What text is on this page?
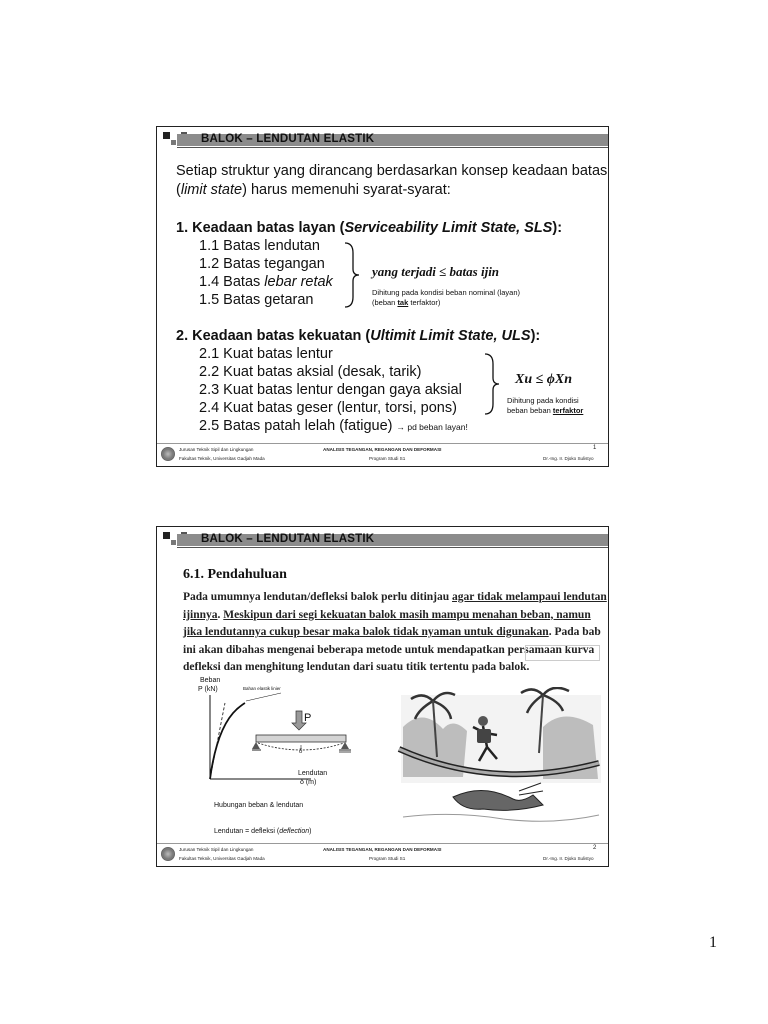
BALOK – LENDUTAN ELASTIK
Setiap struktur yang dirancang berdasarkan konsep keadaan batas
(limit state) harus memenuhi syarat-syarat:
1. Keadaan batas layan (Serviceability Limit State, SLS):
1.1 Batas lendutan
1.2 Batas tegangan
1.4 Batas lebar retak
1.5 Batas getaran
yang terjadi ≤ batas ijin
Dihitung pada kondisi beban nominal (layan)
(beban tak terfaktor)
2. Keadaan batas kekuatan (Ultimit Limit State, ULS):
2.1 Kuat batas lentur
2.2 Kuat batas aksial (desak, tarik)
2.3 Kuat batas lentur dengan gaya aksial
2.4 Kuat batas geser (lentur, torsi, pons)
2.5 Batas patah lelah (fatigue) → pd beban layan!
Xu ≤ ϕXn
Dihitung pada kondisi
beban beban terfaktor
Jurusan Teknik Sipil dan Lingkungan
Fakultas Teknik, Universitas Gadjah Mada
ANALISIS TEGANGAN, REGANGAN DAN DEFORMASI
Program Studi S1
1
Dr.-Ing. Ir. Djoko Sulistyo
BALOK – LENDUTAN ELASTIK
6.1. Pendahuluan
Pada umumnya lendutan/defleksi balok perlu ditinjau agar tidak melampaui lendutan
ijinnya. Meskipun dari segi kekuatan balok masih mampu menahan beban, namun
jika lendutannya cukup besar maka balok tidak nyaman untuk digunakan. Pada bab
ini akan dibahas mengenai beberapa metode untuk mendapatkan persamaan kurva
defleksi dan menghitung lendutan dari suatu titik tertentu pada balok.
Beban
P (kN)	Bahan elastik linier
P
δ
Lendutan
δ (m)
Hubungan beban & lendutan
Lendutan = defleksi (deflection)
Jurusan Teknik Sipil dan Lingkungan
Fakultas Teknik, Universitas Gadjah Mada
ANALISIS TEGANGAN, REGANGAN DAN DEFORMASI
Program Studi S1
2
Dr.-Ing. Ir. Djoko Sulistyo
1
